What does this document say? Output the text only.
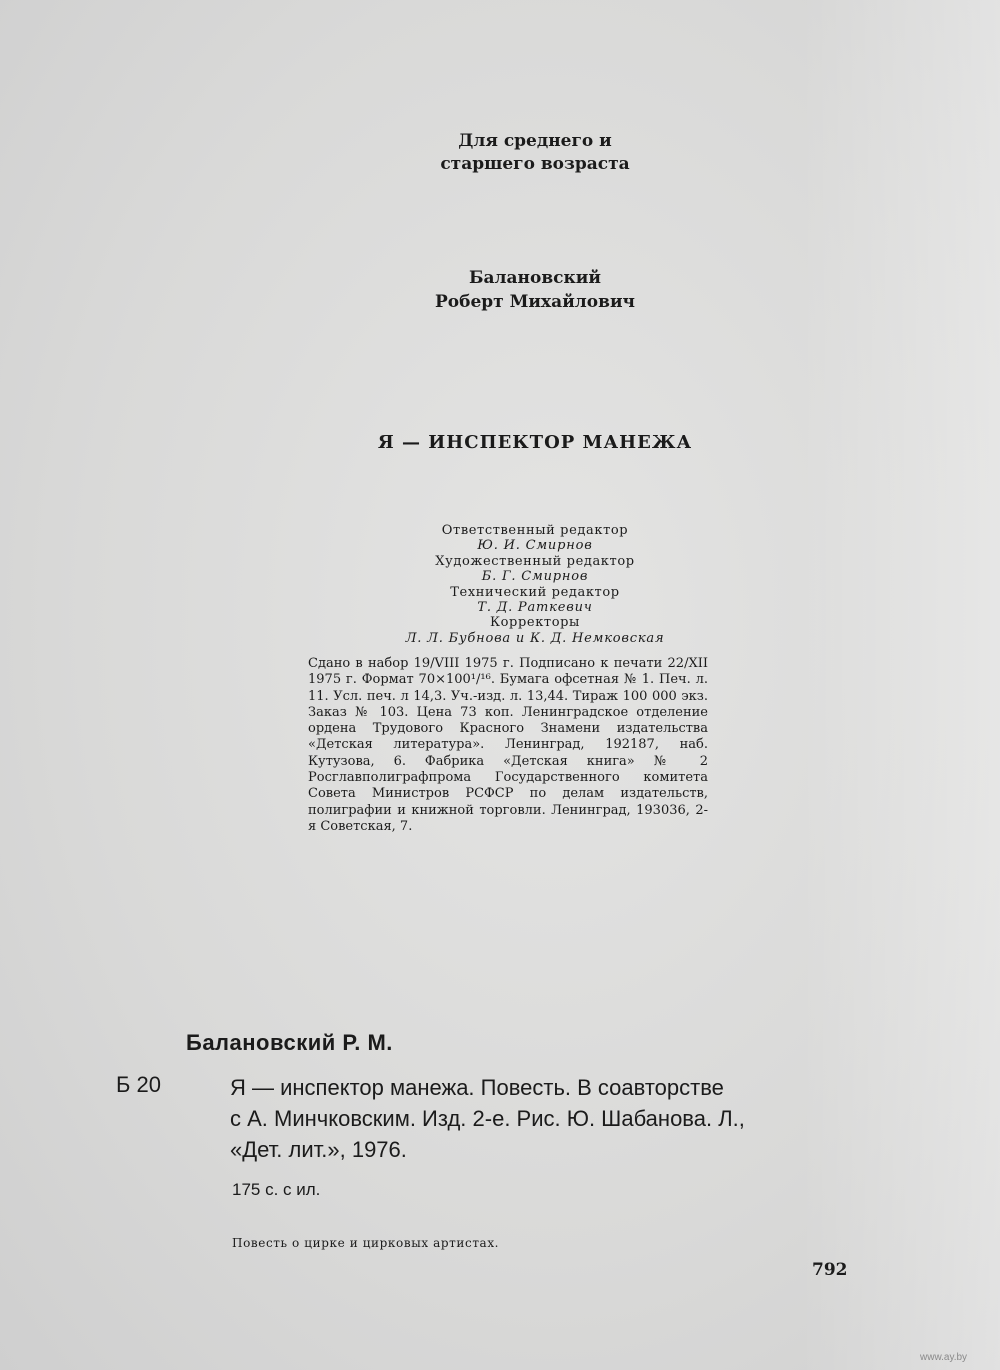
Для среднего и
старшего возраста
Балановский
Роберт Михайлович
Я — ИНСПЕКТОР МАНЕЖА
Ответственный редактор
Ю. И. Смирнов
Художественный редактор
Б. Г. Смирнов
Технический редактор
Т. Д. Раткевич
Корректоры
Л. Л. Бубнова и К. Д. Немковская
Сдано в набор 19/VIII 1975 г. Подписано к печати 22/XII 1975 г. Формат 70×100¹/¹⁶. Бумага офсетная № 1. Печ. л. 11. Усл. печ. л 14,3. Уч.-изд. л. 13,44. Тираж 100 000 экз. Заказ № 103. Цена 73 коп. Ленинградское отделение ордена Трудового Красного Знамени издательства «Детская литература». Ленинград, 192187, наб. Кутузова, 6. Фабрика «Детская книга» № 2 Росглавполиграфпрома Государственного комитета Совета Министров РСФСР по делам издательств, полиграфии и книжной торговли. Ленинград, 193036, 2-я Советская, 7.
Балановский Р. М.
Б 20	Я — инспектор манежа. Повесть. В соавторстве
с А. Минчковским. Изд. 2-е. Рис. Ю. Шабанова. Л.,
«Дет. лит.», 1976.
175 с. с ил.
Повесть о цирке и цирковых артистах.
792
www.ay.by
